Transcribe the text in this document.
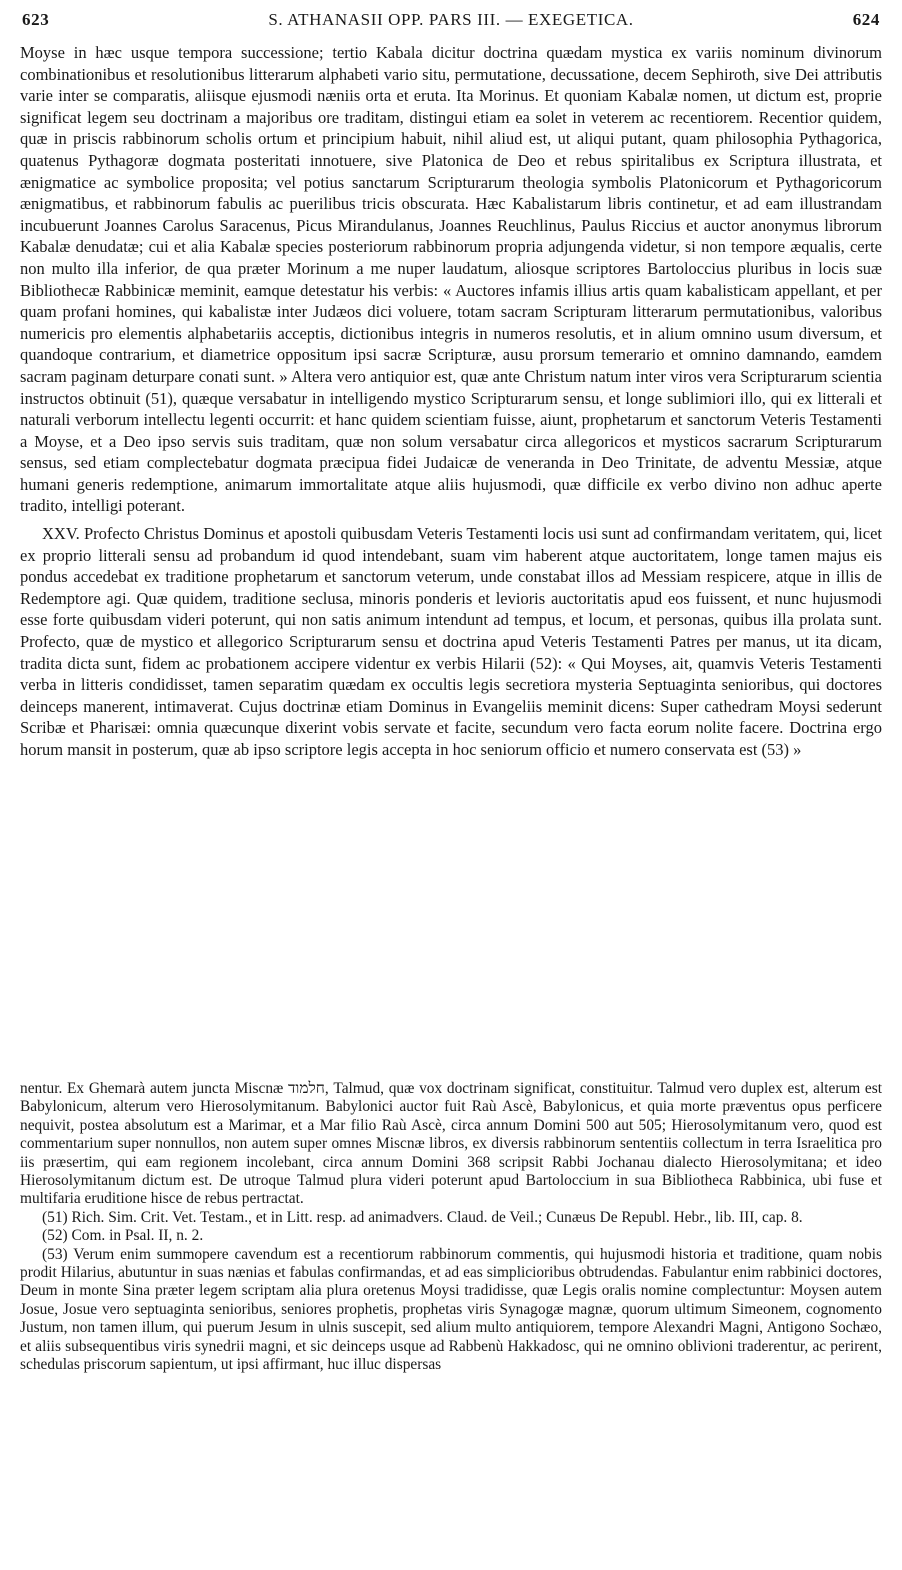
623	S. ATHANASII OPP. PARS III. — EXEGETICA.	624

Moyse in hæc usque tempora successione; tertio Kabala dicitur doctrina quædam mystica ex variis nominum divinorum combinationibus et resolutionibus litterarum alphabeti vario situ, permutatione, decussatione, decem Sephiroth, sive Dei attributis varie inter se comparatis, aliisque ejusmodi næniis orta et eruta. Ita Morinus. Et quoniam Kabalæ nomen, ut dictum est, proprie significat legem seu doctrinam a majoribus ore traditam, distingui etiam ea solet in veterem ac recentiorem. Recentior quidem, quæ in priscis rabbinorum scholis ortum et principium habuit, nihil aliud est, ut aliqui putant, quam philosophia Pythagorica, quatenus Pythagoræ dogmata posteritati innotuere, sive Platonica de Deo et rebus spiritalibus ex Scriptura illustrata, et ænigmatice ac symbolice proposita; vel potius sanctarum Scripturarum theologia symbolis Platonicorum et Pythagoricorum ænigmatibus, et rabbinorum fabulis ac puerilibus tricis obscurata. Hæc Kabalistarum libris continetur, et ad eam illustrandam incubuerunt Joannes Carolus Saracenus, Picus Mirandulanus, Joannes Reuchlinus, Paulus Riccius et auctor anonymus librorum Kabalæ denudatæ; cui et alia Kabalæ species posteriorum rabbinorum propria adjungenda videtur, si non tempore æqualis, certe non multo illa inferior, de qua præter Morinum a me nuper laudatum, aliosque scriptores Bartoloccius pluribus in locis suæ Bibliothecæ Rabbinicæ meminit, eamque detestatur his verbis: « Auctores infamis illius artis quam kabalisticam appellant, et per quam profani homines, qui kabalistæ inter Judæos dici voluere, totam sacram Scripturam litterarum permutationibus, valoribus numericis pro elementis alphabetariis acceptis, dictionibus integris in numeros resolutis, et in alium omnino usum diversum, et quandoque contrarium, et diametrice oppositum ipsi sacræ Scripturæ, ausu prorsum temerario et omnino damnando, eamdem sacram paginam deturpare conati sunt. » Altera vero antiquior est, quæ ante Christum natum inter viros vera Scripturarum scientia instructos obtinuit (51), quæque versabatur in intelligendo mystico Scripturarum sensu, et longe sublimiori illo, qui ex litterali et naturali verborum intellectu legenti occurrit: et hanc quidem scientiam fuisse, aiunt, prophetarum et sanctorum Veteris Testamenti a Moyse, et a Deo ipso servis suis traditam, quæ non solum versabatur circa allegoricos et mysticos sacrarum Scripturarum sensus, sed etiam complectebatur dogmata præcipua fidei Judaicæ de veneranda in Deo Trinitate, de adventu Messiæ, atque humani generis redemptione, animarum immortalitate atque aliis hujusmodi, quæ difficile ex verbo divino non adhuc aperte tradito, intelligi poterant.

XXV. Profecto Christus Dominus et apostoli quibusdam Veteris Testamenti locis usi sunt ad confirmandam veritatem, qui, licet ex proprio litterali sensu ad probandum id quod intendebant, suam vim haberent atque auctoritatem, longe tamen majus eis pondus accedebat ex traditione prophetarum et sanctorum veterum, unde constabat illos ad Messiam respicere, atque in illis de Redemptore agi. Quæ quidem, traditione seclusa, minoris ponderis et levioris auctoritatis apud eos fuissent, et nunc hujusmodi esse forte quibusdam videri poterunt, qui non satis animum intendunt ad tempus, et locum, et personas, quibus illa prolata sunt. Profecto, quæ de mystico et allegorico Scripturarum sensu et doctrina apud Veteris Testamenti Patres per manus, ut ita dicam, tradita dicta sunt, fidem ac probationem accipere videntur ex verbis Hilarii (52): « Qui Moyses, ait, quamvis Veteris Testamenti verba in litteris condidisset, tamen separatim quædam ex occultis legis secretiora mysteria Septuaginta senioribus, qui doctores deinceps manerent, intimaverat. Cujus doctrinæ etiam Dominus in Evangeliis meminit dicens: Super cathedram Moysi sederunt Scribæ et Pharisæi: omnia quæcunque dixerint vobis servate et facite, secundum vero facta eorum nolite facere. Doctrina ergo horum mansit in posterum, quæ ab ipso scriptore legis accepta in hoc seniorum officio et numero conservata est (53) »

nentur. Ex Ghemarà autem juncta Miscnæ חלמוד, Talmud, quæ vox doctrinam significat, constituitur. Talmud vero duplex est, alterum est Babylonicum, alterum vero Hierosolymitanum. Babylonici auctor fuit Raù Ascè, Babylonicus, et quia morte præventus opus perficere nequivit, postea absolutum est a Marimar, et a Mar filio Raù Ascè, circa annum Domini 500 aut 505; Hierosolymitanum vero, quod est commentarium super nonnullos, non autem super omnes Miscnæ libros, ex diversis rabbinorum sententiis collectum in terra Israelitica pro iis præsertim, qui eam regionem incolebant, circa annum Domini 368 scripsit Rabbi Jochanau dialecto Hierosolymitana; et ideo Hierosolymitanum dictum est. De utroque Talmud plura videri poterunt apud Bartoloccium in sua Bibliotheca Rabbinica, ubi fuse et multifaria eruditione hisce de rebus pertractat.

(51) Rich. Sim. Crit. Vet. Testam., et in Litt. resp. ad animadvers. Claud. de Veil.; Cunæus De Republ. Hebr., lib. III, cap. 8.

(52) Com. in Psal. II, n. 2.

(53) Verum enim summopere cavendum est a recentiorum rabbinorum commentis, qui hujusmodi historia et traditione, quam nobis prodit Hilarius, abutuntur in suas nænias et fabulas confirmandas, et ad eas simplicioribus obtrudendas. Fabulantur enim rabbinici doctores, Deum in monte Sina præter legem scriptam alia plura oretenus Moysi tradidisse, quæ Legis oralis nomine complectuntur: Moysen autem Josue, Josue vero septuaginta senioribus, seniores prophetis, prophetas viris Synagogæ magnæ, quorum ultimum Simeonem, cognomento Justum, non tamen illum, qui puerum Jesum in ulnis suscepit, sed alium multo antiquiorem, tempore Alexandri Magni, Antigono Sochæo, et aliis subsequentibus viris synedrii magni, et sic deinceps usque ad Rabbenù Hakkadosc, qui ne omnino oblivioni traderentur, ac perirent, schedulas priscorum sapientum, ut ipsi affirmant, huc illuc dispersas
